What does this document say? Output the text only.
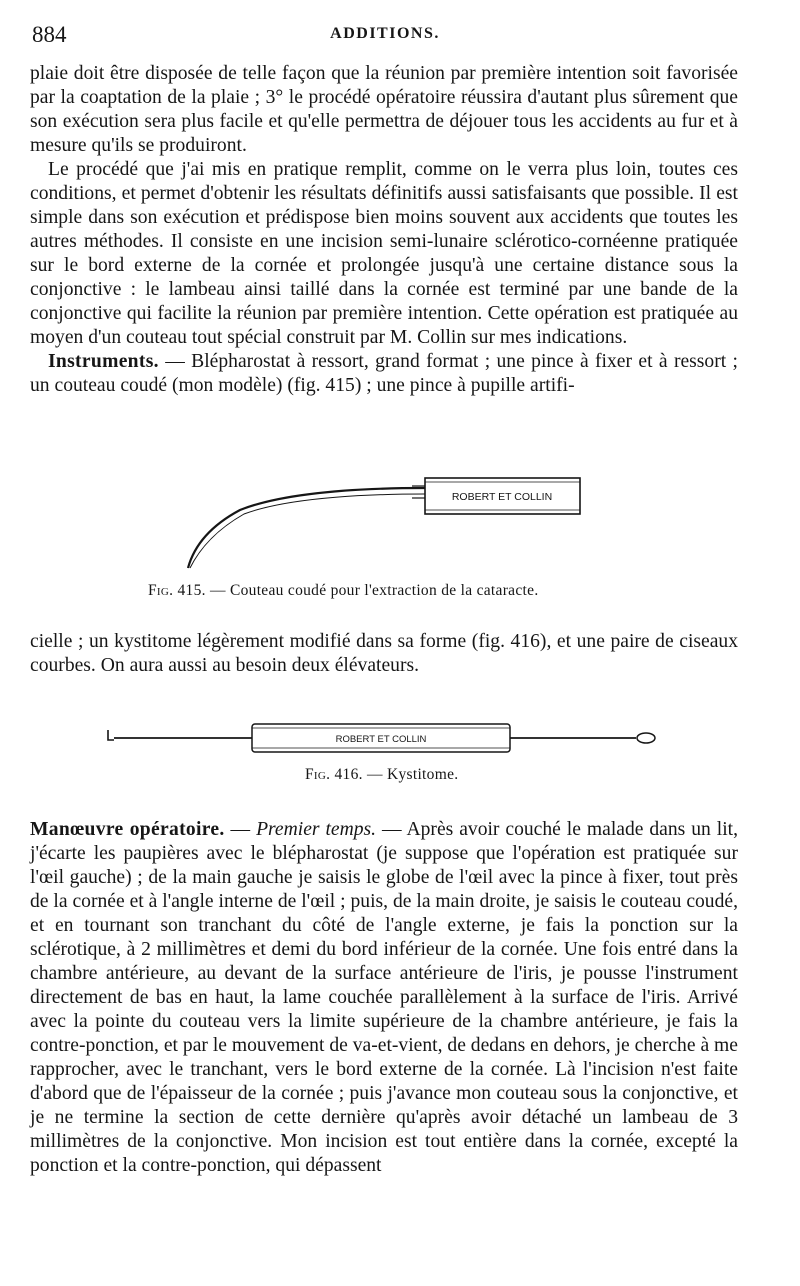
884	ADDITIONS.

plaie doit être disposée de telle façon que la réunion par première intention soit favorisée par la coaptation de la plaie ; 3° le procédé opératoire réussira d'autant plus sûrement que son exécution sera plus facile et qu'elle permettra de déjouer tous les accidents au fur et à mesure qu'ils se produiront.

Le procédé que j'ai mis en pratique remplit, comme on le verra plus loin, toutes ces conditions, et permet d'obtenir les résultats définitifs aussi satisfaisants que possible. Il est simple dans son exécution et prédispose bien moins souvent aux accidents que toutes les autres méthodes. Il consiste en une incision semi-lunaire scléroticо-cornéenne pratiquée sur le bord externe de la cornée et prolongée jusqu'à une certaine distance sous la conjonctive : le lambeau ainsi taillé dans la cornée est terminé par une bande de la conjonctive qui facilite la réunion par première intention. Cette opération est pratiquée au moyen d'un couteau tout spécial construit par M. Collin sur mes indications.

Instruments. — Blépharostat à ressort, grand format ; une pince à fixer et à ressort ; un couteau coudé (mon modèle) (fig. 415) ; une pince à pupille artifi-

ROBERT ET COLLIN
Fig. 415. — Couteau coudé pour l'extraction de la cataracte.

cielle ; un kystitome légèrement modifié dans sa forme (fig. 416), et une paire de ciseaux courbes. On aura aussi au besoin deux élévateurs.

ROBERT ET COLLIN
Fig. 416. — Kystitome.

Manœuvre opératoire. — Premier temps. — Après avoir couché le malade dans un lit, j'écarte les paupières avec le blépharostat (je suppose que l'opération est pratiquée sur l'œil gauche) ; de la main gauche je saisis le globe de l'œil avec la pince à fixer, tout près de la cornée et à l'angle interne de l'œil ; puis, de la main droite, je saisis le couteau coudé, et en tournant son tranchant du côté de l'angle externe, je fais la ponction sur la sclérotique, à 2 millimètres et demi du bord inférieur de la cornée. Une fois entré dans la chambre antérieure, au devant de la surface antérieure de l'iris, je pousse l'instrument directement de bas en haut, la lame couchée parallèlement à la surface de l'iris. Arrivé avec la pointe du couteau vers la limite supérieure de la chambre antérieure, je fais la contre-ponction, et par le mouvement de va-et-vient, de dedans en dehors, je cherche à me rapprocher, avec le tranchant, vers le bord externe de la cornée. Là l'incision n'est faite d'abord que de l'épaisseur de la cornée ; puis j'avance mon couteau sous la conjonctive, et je ne termine la section de cette dernière qu'après avoir détaché un lambeau de 3 millimètres de la conjonctive. Mon incision est tout entière dans la cornée, excepté la ponction et la contre-ponction, qui dépassent
